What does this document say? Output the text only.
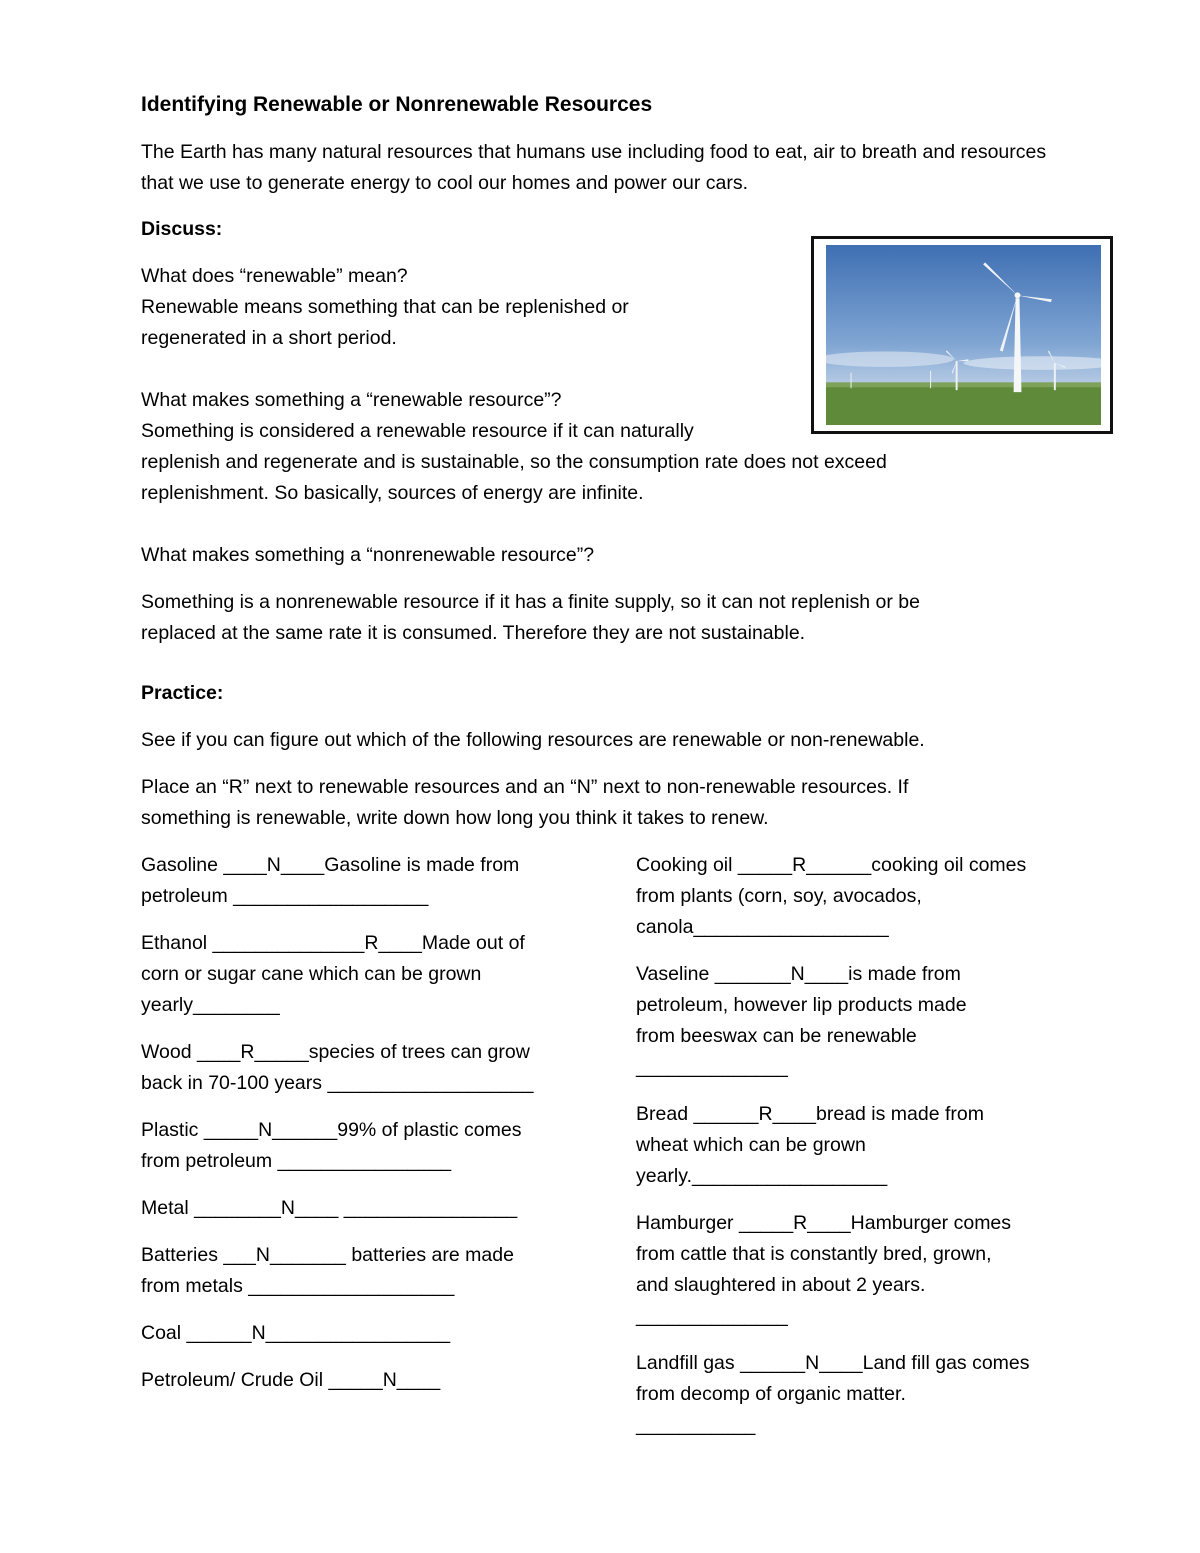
Identifying Renewable or Nonrenewable Resources

The Earth has many natural resources that humans use including food to eat, air to breath and resources that we use to generate energy to cool our homes and power our cars.

Discuss:

What does “renewable” mean?

Renewable means something that can be replenished or

regenerated in a short period.

What makes something a “renewable resource”?

Something is considered a renewable resource if it can naturally

replenish and regenerate and is sustainable, so the consumption rate does not exceed

replenishment. So basically, sources of energy are infinite.

What makes something a “nonrenewable resource”?

Something is a nonrenewable resource if it has a finite supply, so it can not replenish or be

replaced at the same rate it is consumed. Therefore they are not sustainable.

Practice:

See if you can figure out which of the following resources are renewable or non-renewable.

Place an “R” next to renewable resources and an “N” next to non-renewable resources. If

something is renewable, write down how long you think it takes to renew.

Gasoline ____N____Gasoline is made from

petroleum __________________

Ethanol ______________R____Made out of

corn or sugar cane which can be grown

yearly________

Wood ____R_____species of trees can grow

back in 70-100 years ___________________

Plastic _____N______99% of plastic comes

from petroleum ________________

Metal ________N____ ________________

Batteries ___N_______ batteries are made

from metals ___________________

Coal ______N_________________

Petroleum/ Crude Oil _____N____

Cooking oil _____R______cooking oil comes

from plants (corn, soy, avocados,

canola__________________

Vaseline _______N____is made from

petroleum, however lip products made

from beeswax can be renewable

______________

Bread ______R____bread is made from

wheat which can be grown

yearly.__________________

Hamburger _____R____Hamburger comes

from cattle that is constantly bred, grown,

and slaughtered in about 2 years.

______________

Landfill gas ______N____Land fill gas comes

from decomp of organic matter.

___________
